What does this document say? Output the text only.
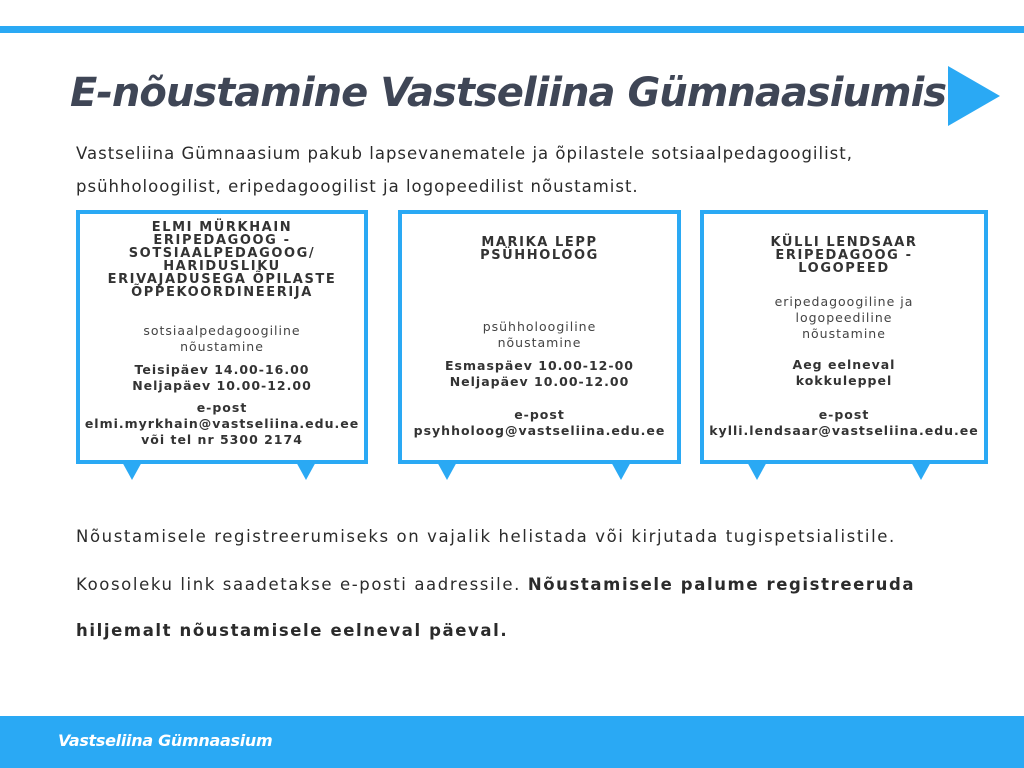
E-nõustamine Vastseliina Gümnaasiumis

Vastseliina Gümnaasium pakub lapsevanematele ja õpilastele sotsiaalpedagoogilist,
psühholoogilist, eripedagoogilist ja logopeedilist nõustamist.

ELMI MÜRKHAIN
ERIPEDAGOOG -
SOTSIAALPEDAGOOG/
HARIDUSLIKU
ERIVAJADUSEGA ÕPILASTE
ÕPPEKOORDINEERIJA

sotsiaalpedagoogiline
nõustamine

Teisipäev 14.00-16.00
Neljapäev 10.00-12.00

e-post
elmi.myrkhain@vastseliina.edu.ee
või tel nr 5300 2174

MARIKA LEPP
PSÜHHOLOOG

psühholoogiline
nõustamine

Esmaspäev 10.00-12-00
Neljapäev 10.00-12.00

e-post
psyhholoog@vastseliina.edu.ee

KÜLLI LENDSAAR
ERIPEDAGOOG -
LOGOPEED

eripedagoogiline ja
logopeediline
nõustamine

Aeg eelneval
kokkuleppel

e-post
kylli.lendsaar@vastseliina.edu.ee

Nõustamisele registreerumiseks on vajalik helistada või kirjutada tugispetsialistile.

Koosoleku link saadetakse e-posti aadressile. Nõustamisele palume registreeruda

hiljemalt nõustamisele eelneval päeval.

Vastseliina Gümnaasium
